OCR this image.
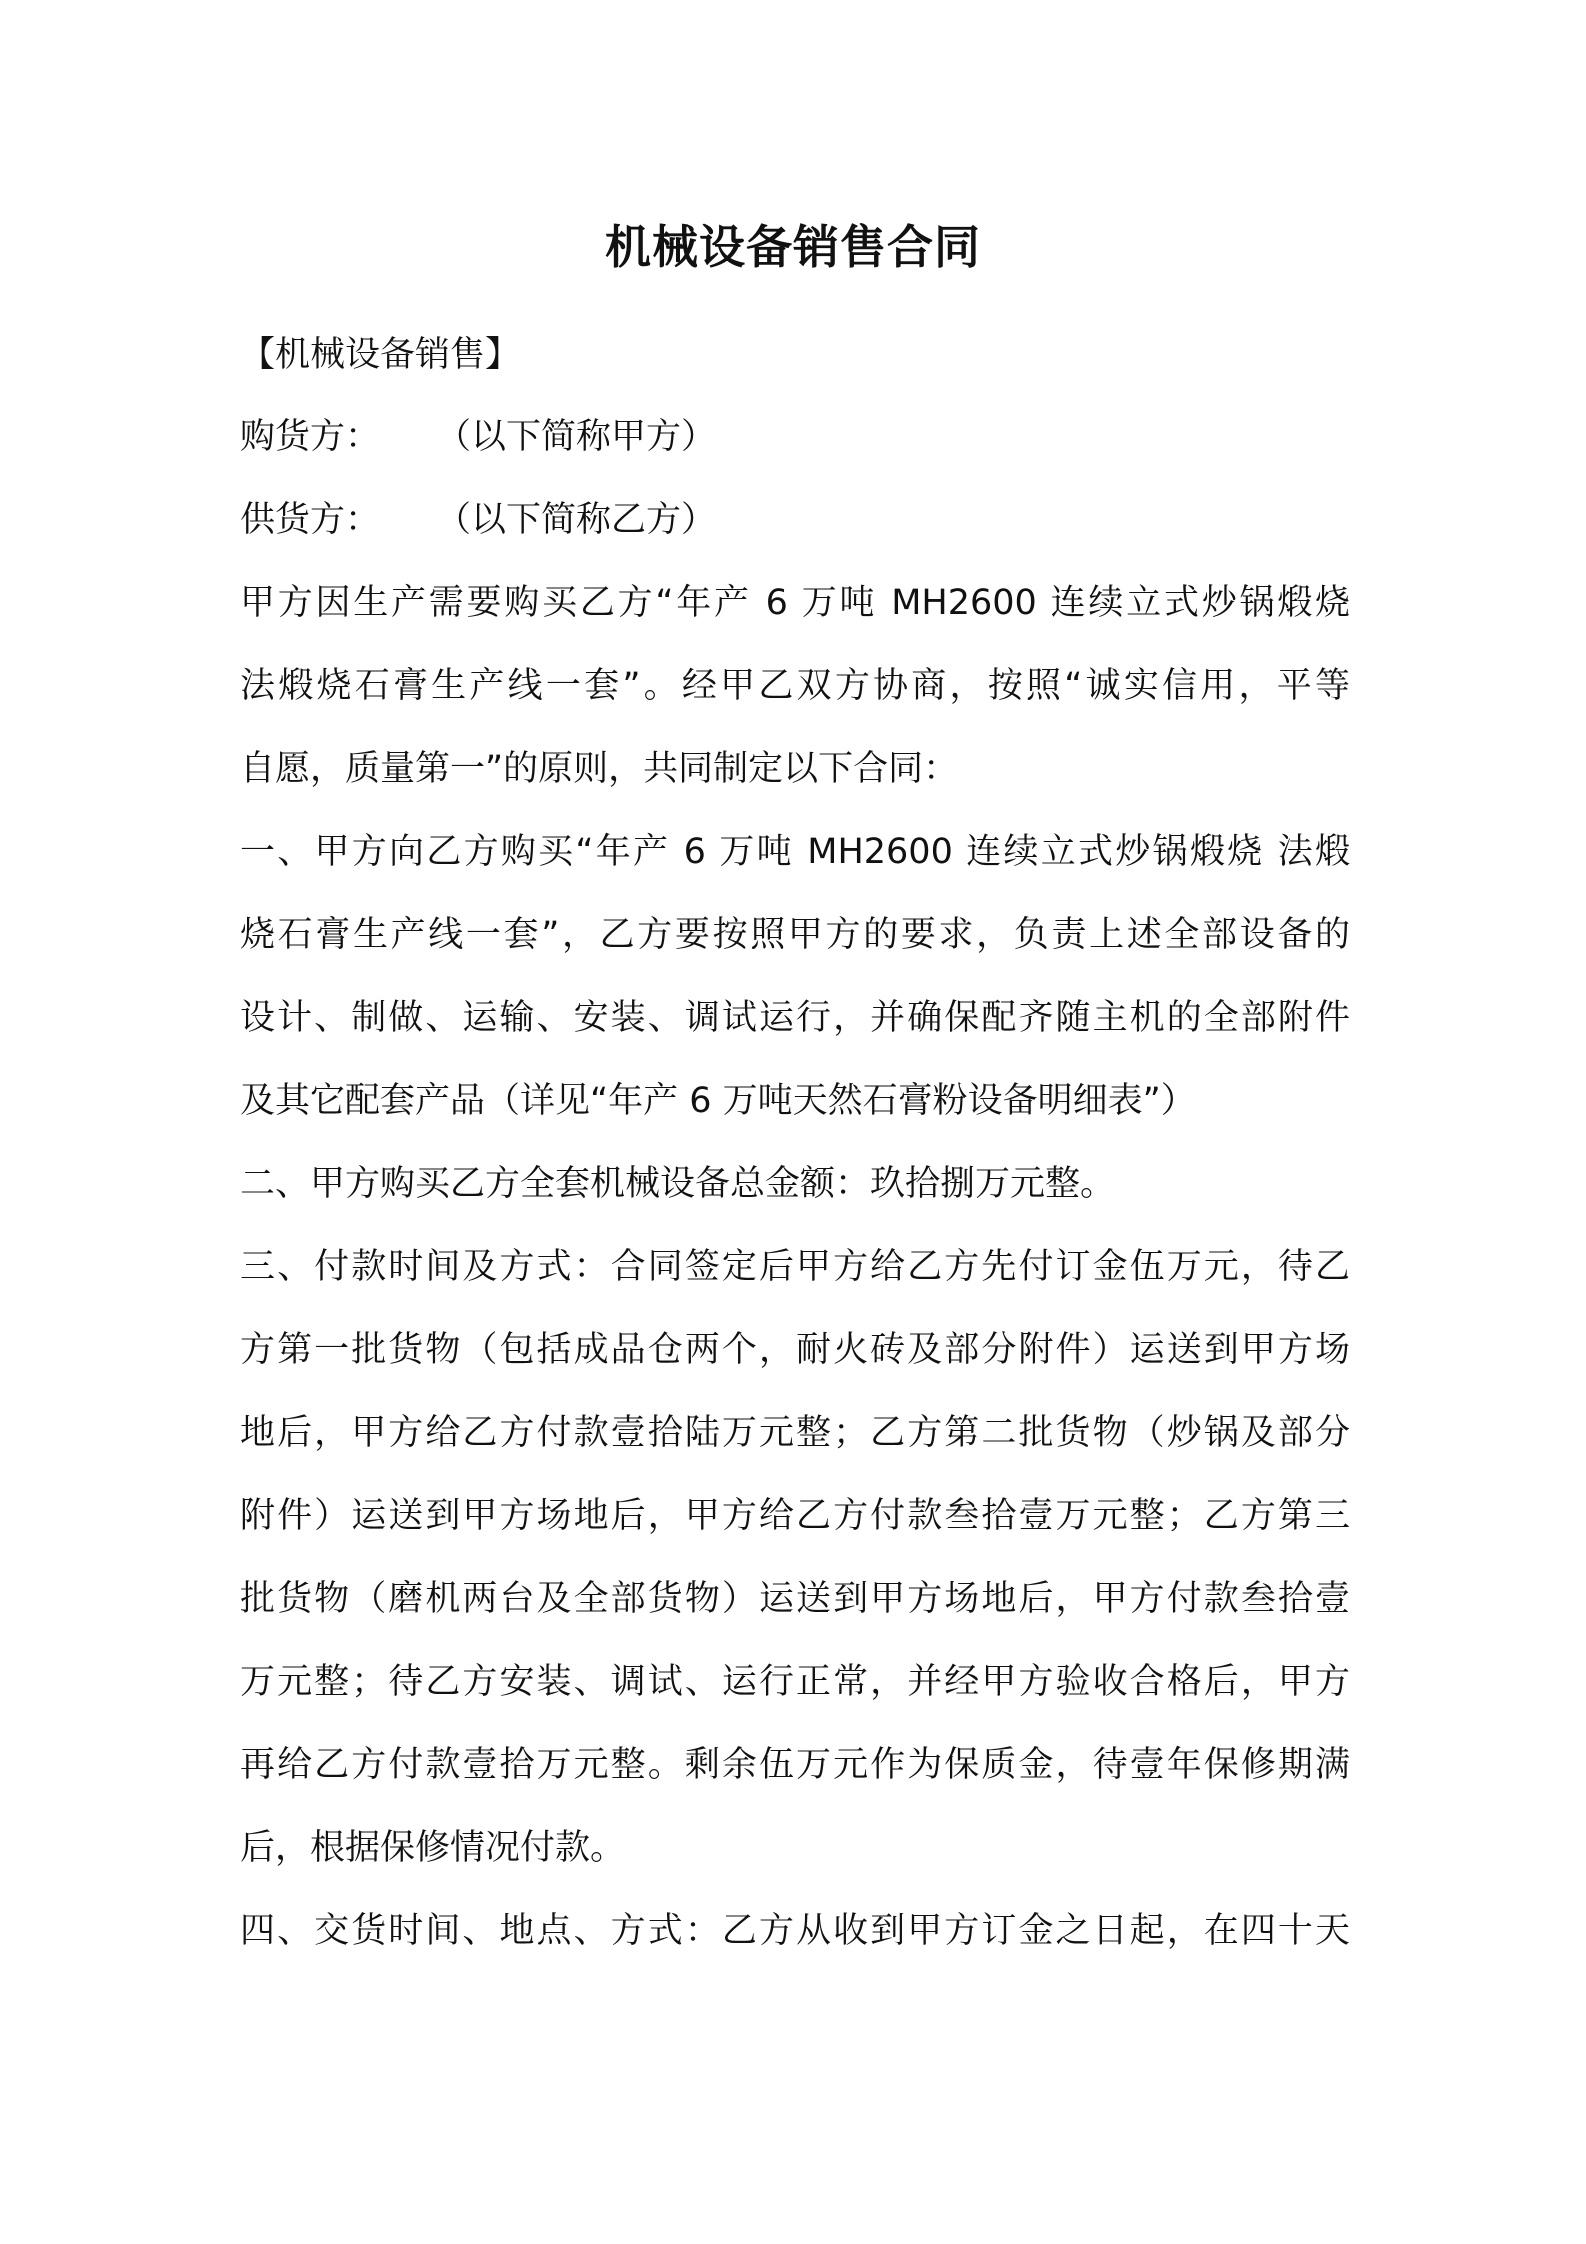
机械设备销售合同
【机械设备销售】
购货方： （以下简称甲方）
供货方： （以下简称乙方）
甲方因生产需要购买乙方“年产 6 万吨 MH2600 连续立式炒锅煅烧
法煅烧石膏生产线一套”。经甲乙双方协商，按照“诚实信用，平等
自愿，质量第一”的原则，共同制定以下合同：
一、甲方向乙方购买“年产 6 万吨 MH2600 连续立式炒锅煅烧 法煅
烧石膏生产线一套”，乙方要按照甲方的要求，负责上述全部设备的
设计、制做、运输、安装、调试运行，并确保配齐随主机的全部附件
及其它配套产品（详见“年产 6 万吨天然石膏粉设备明细表”）
二、甲方购买乙方全套机械设备总金额：玖拾捌万元整。
三、付款时间及方式：合同签定后甲方给乙方先付订金伍万元，待乙
方第一批货物（包括成品仓两个，耐火砖及部分附件）运送到甲方场
地后，甲方给乙方付款壹拾陆万元整；乙方第二批货物（炒锅及部分
附件）运送到甲方场地后，甲方给乙方付款叁拾壹万元整；乙方第三
批货物（磨机两台及全部货物）运送到甲方场地后，甲方付款叁拾壹
万元整；待乙方安装、调试、运行正常，并经甲方验收合格后，甲方
再给乙方付款壹拾万元整。剩余伍万元作为保质金，待壹年保修期满
后，根据保修情况付款。
四、交货时间、地点、方式：乙方从收到甲方订金之日起，在四十天
